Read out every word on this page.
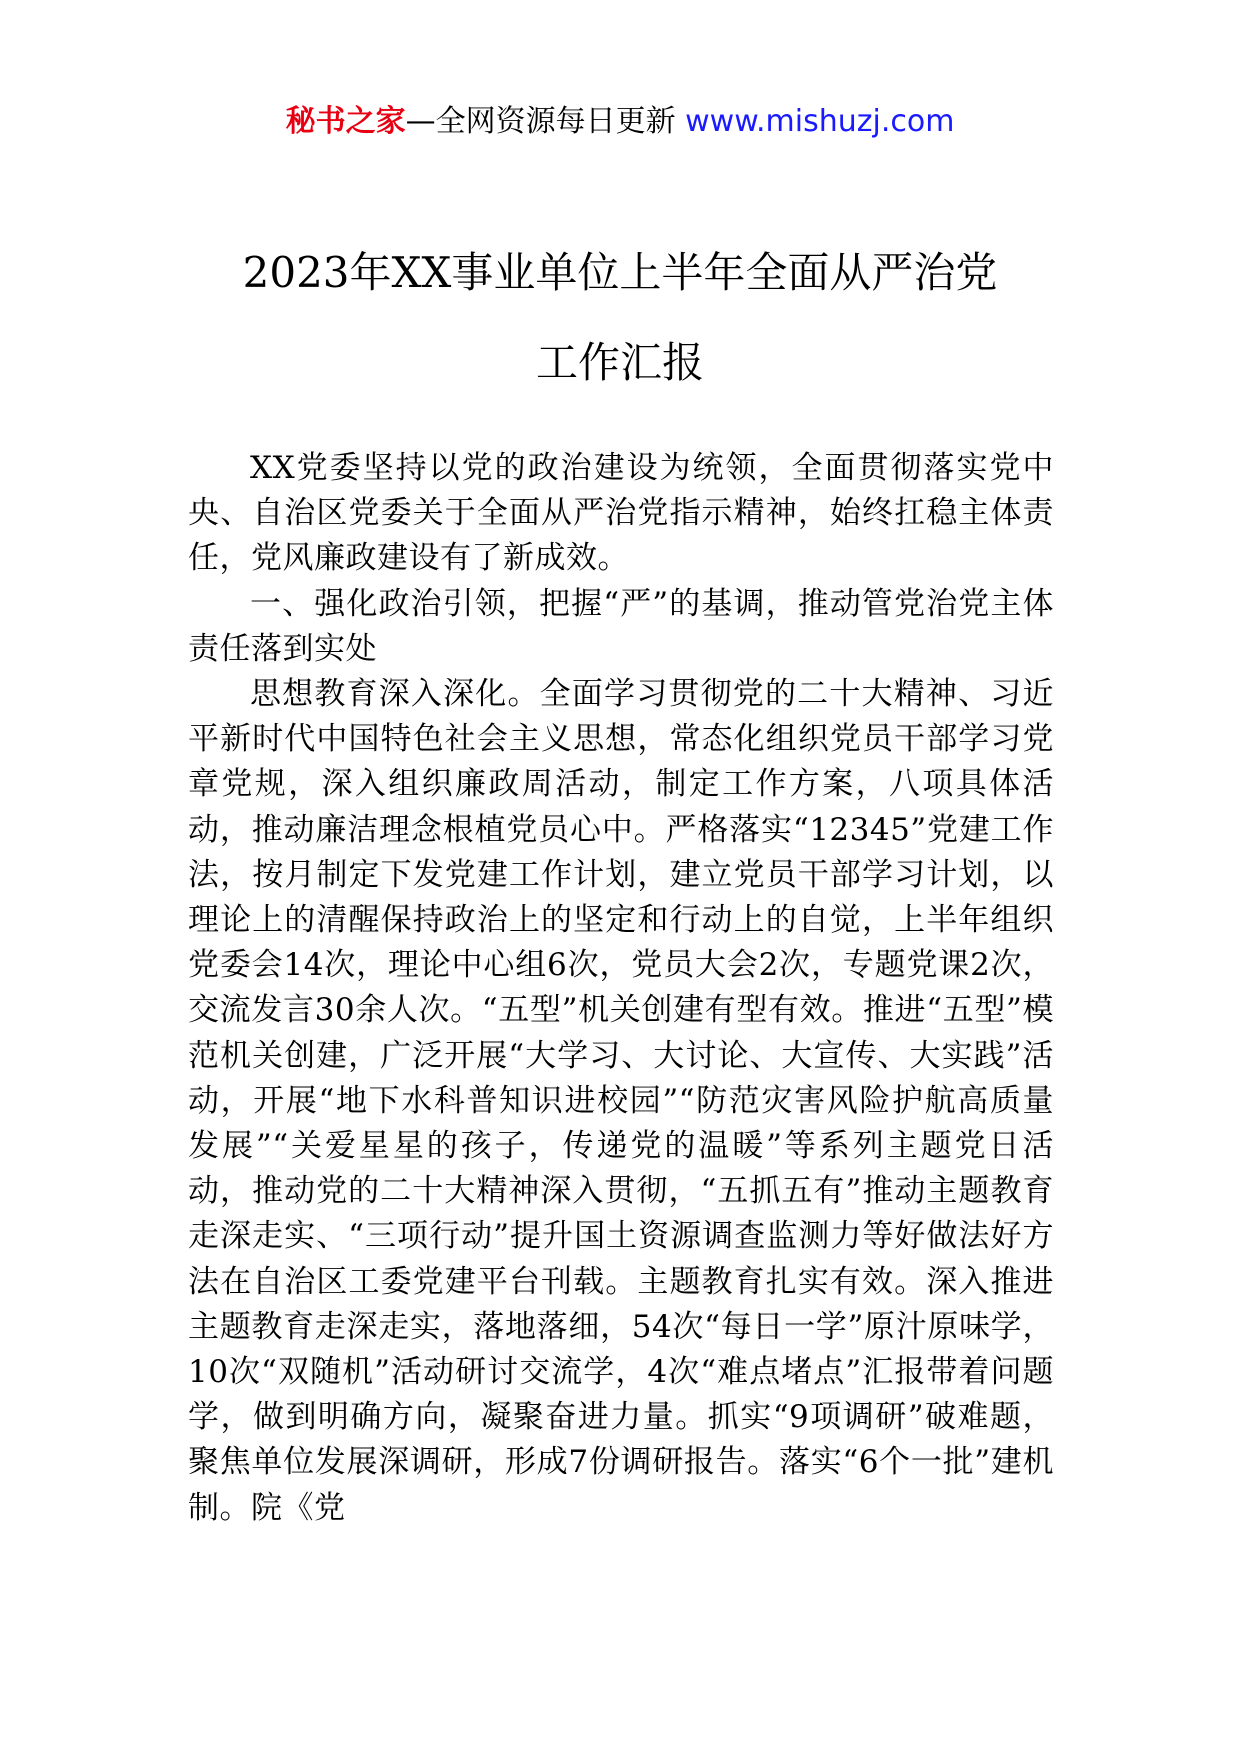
秘书之家—全网资源每日更新 www.mishuzj.com
2023年XX事业单位上半年全面从严治党
工作汇报

XX党委坚持以党的政治建设为统领，全面贯彻落实党中央、自治区党委关于全面从严治党指示精神，始终扛稳主体责任，党风廉政建设有了新成效。

一、强化政治引领，把握“严”的基调，推动管党治党主体责任落到实处

思想教育深入深化。全面学习贯彻党的二十大精神、习近平新时代中国特色社会主义思想，常态化组织党员干部学习党章党规，深入组织廉政周活动，制定工作方案，八项具体活动，推动廉洁理念根植党员心中。严格落实“12345”党建工作法，按月制定下发党建工作计划，建立党员干部学习计划，以理论上的清醒保持政治上的坚定和行动上的自觉，上半年组织党委会14次，理论中心组6次，党员大会2次，专题党课2次，交流发言30余人次。“五型”机关创建有型有效。推进“五型”模范机关创建，广泛开展“大学习、大讨论、大宣传、大实践”活动，开展“地下水科普知识进校园”“防范灾害风险护航高质量发展”“关爱星星的孩子，传递党的温暖”等系列主题党日活动，推动党的二十大精神深入贯彻，“五抓五有”推动主题教育走深走实、“三项行动”提升国土资源调查监测力等好做法好方法在自治区工委党建平台刊载。主题教育扎实有效。深入推进主题教育走深走实，落地落细，54次“每日一学”原汁原味学，10次“双随机”活动研讨交流学，4次“难点堵点”汇报带着问题学，做到明确方向，凝聚奋进力量。抓实“9项调研”破难题，聚焦单位发展深调研，形成7份调研报告。落实“6个一批”建机制。院《党
